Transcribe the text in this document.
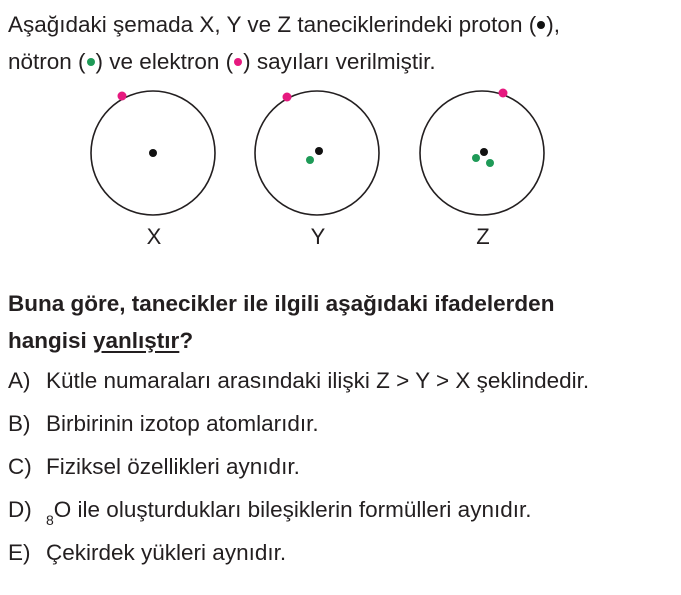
Aşağıdaki şemada X, Y ve Z taneciklerindeki proton ( ),
nötron ( ) ve elektron ( ) sayıları verilmiştir.

X	Y	Z

Buna göre, tanecikler ile ilgili aşağıdaki ifadelerden
hangisi yanlıştır?

A) Kütle numaraları arasındaki ilişki Z > Y > X şeklindedir.
B) Birbirinin izotop atomlarıdır.
C) Fiziksel özellikleri aynıdır.
D) $_8$O ile oluşturdukları bileşiklerin formülleri aynıdır.
E) Çekirdek yükleri aynıdır.
